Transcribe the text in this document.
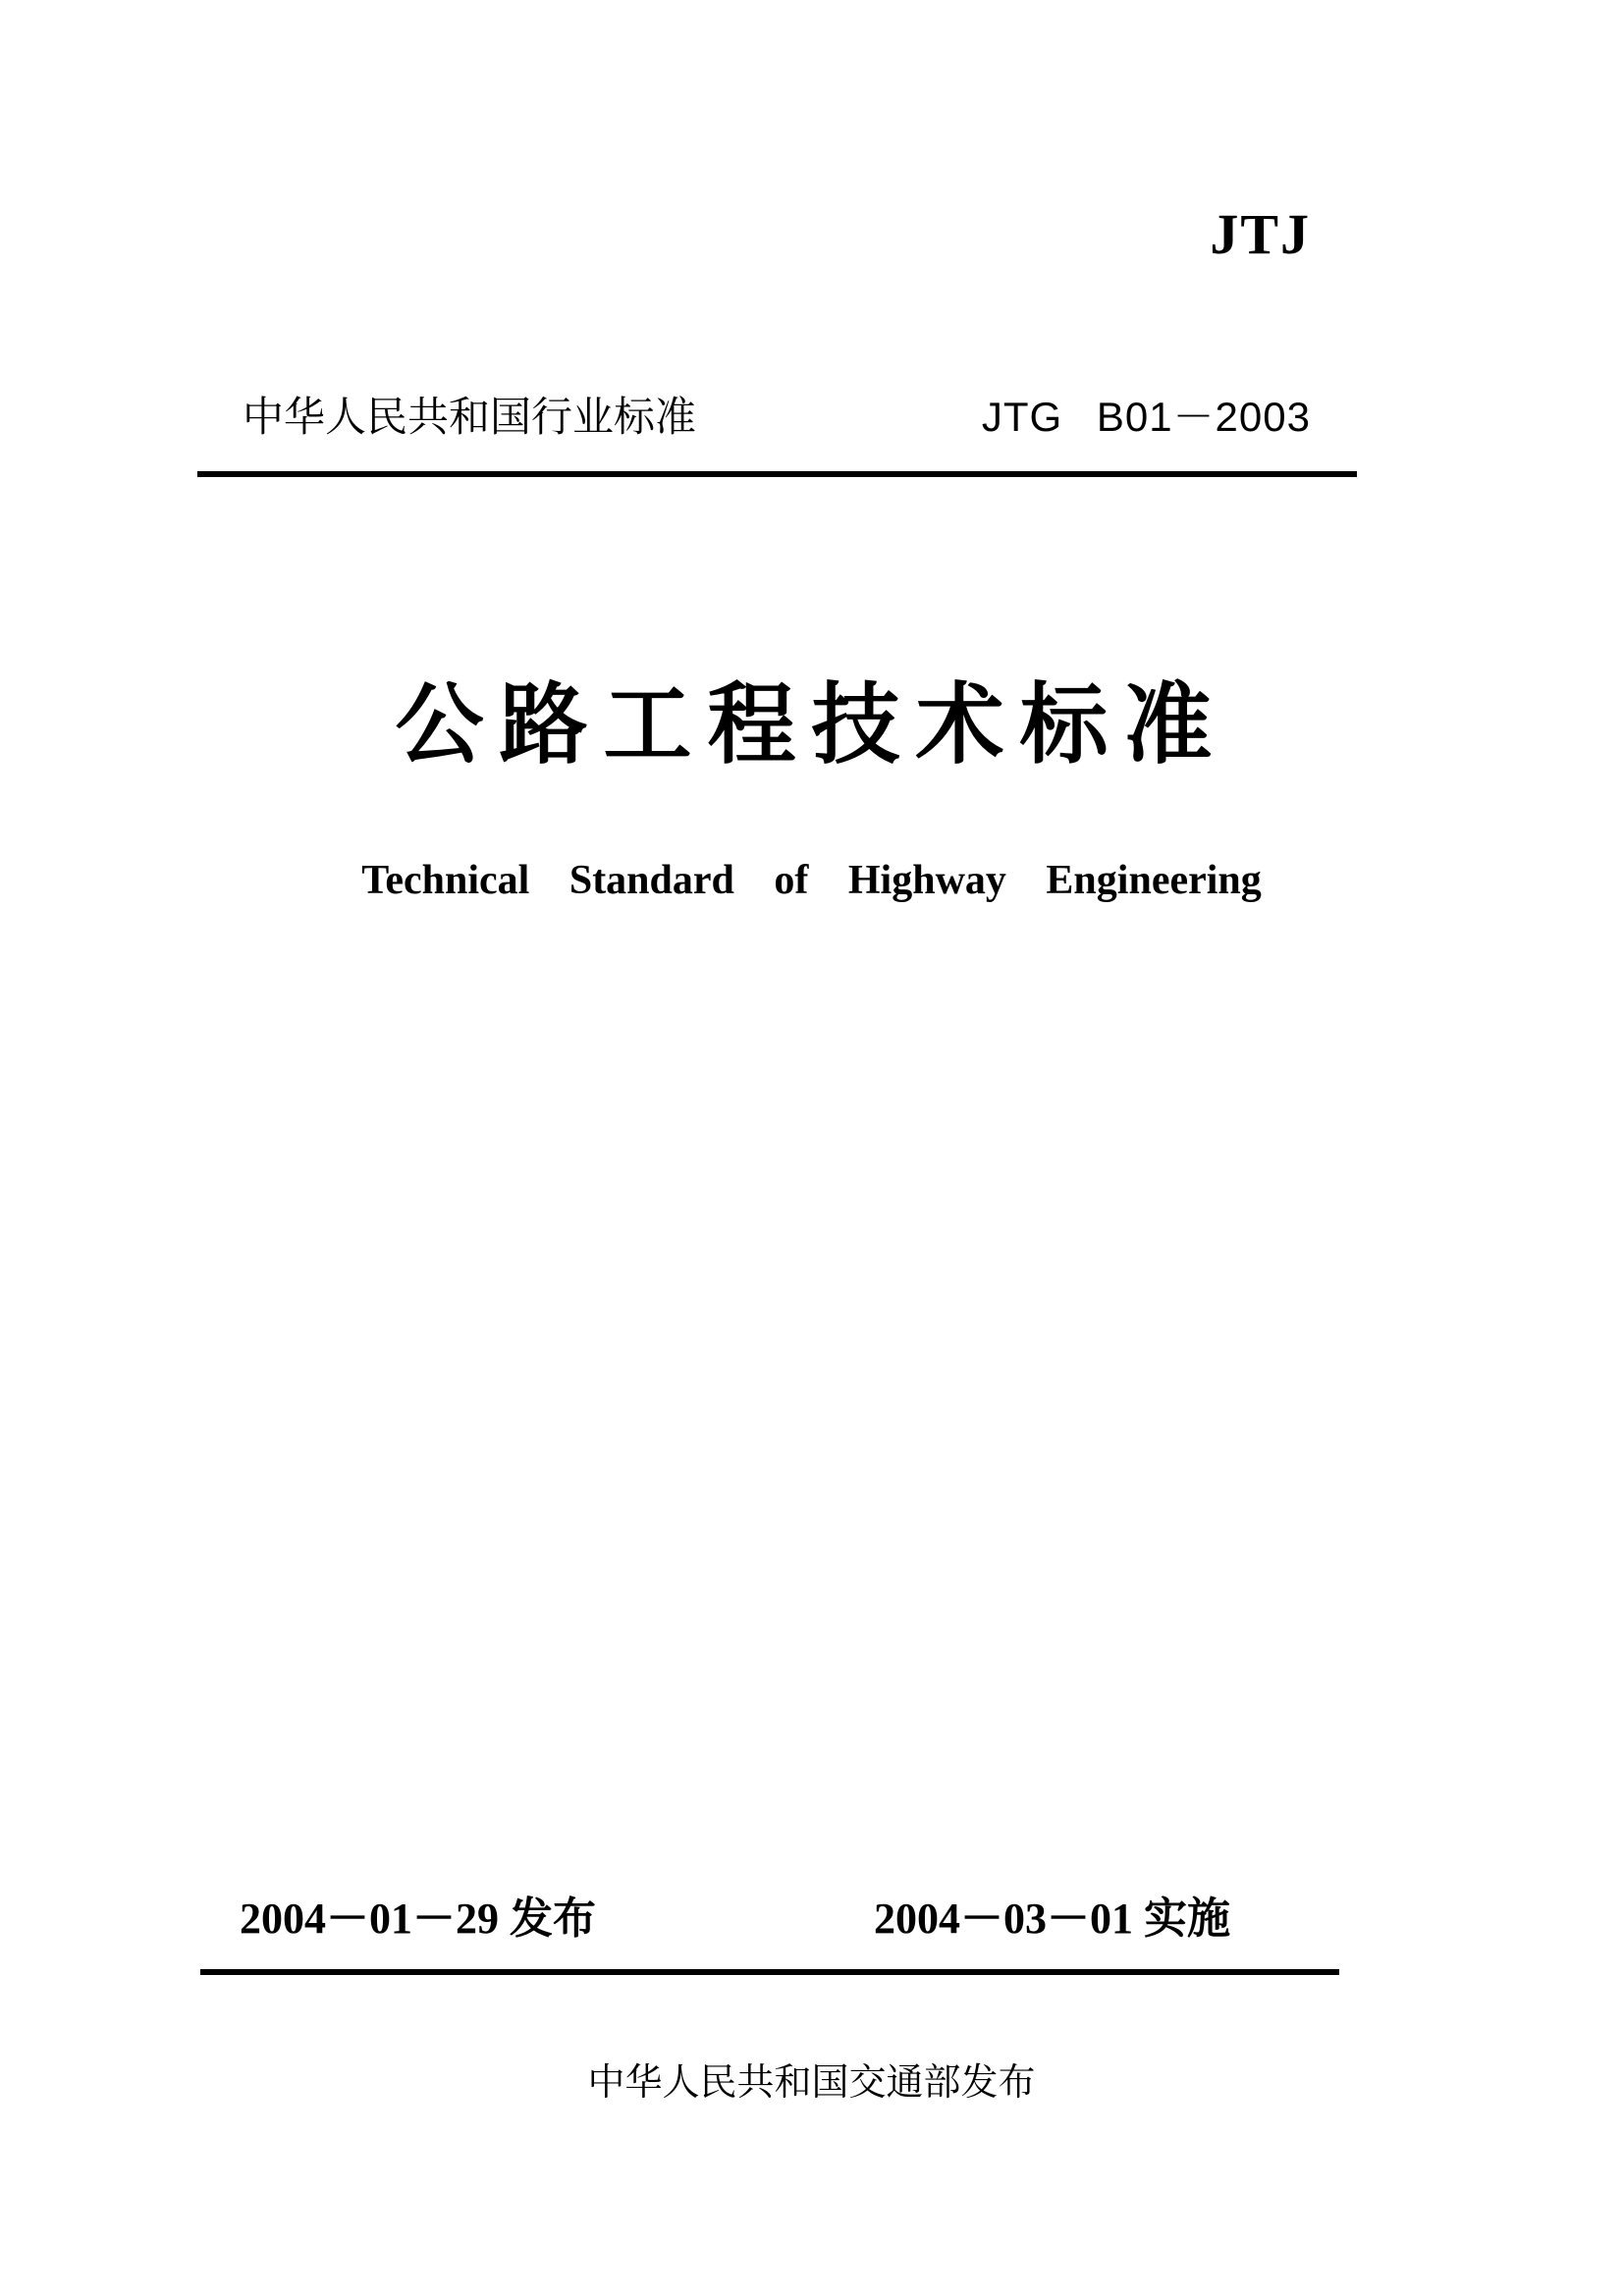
JTJ
中华人民共和国行业标准	JTG B01－2003
公路工程技术标准
Technical Standard of Highway Engineering
2004－01－29 发布	2004－03－01 实施
中华人民共和国交通部发布
